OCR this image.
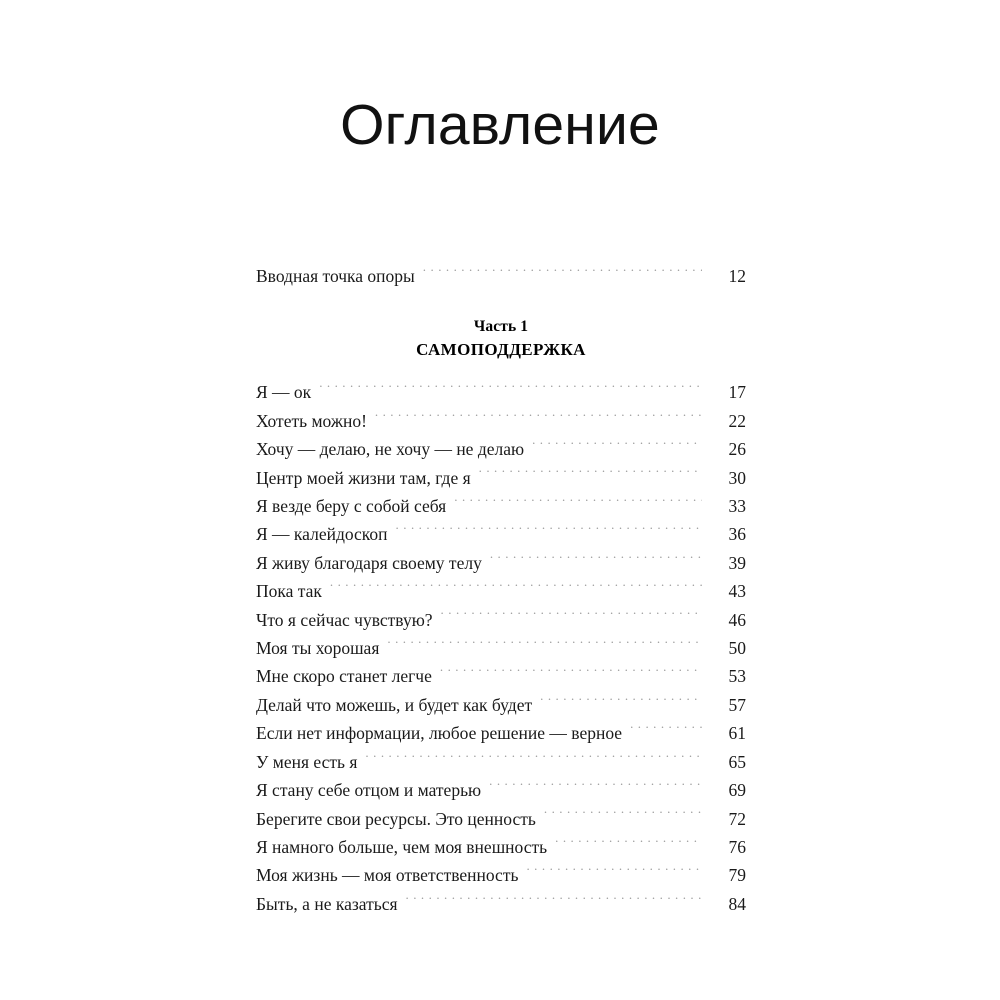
Оглавление
Вводная точка опоры . . .	12
Часть 1
САМОПОДДЕРЖКА
Я — ок . . .	17
Хотеть можно! . . .	22
Хочу — делаю, не хочу — не делаю . . .	26
Центр моей жизни там, где я . . .	30
Я везде беру с собой себя . . .	33
Я — калейдоскоп . . .	36
Я живу благодаря своему телу . . .	39
Пока так . . .	43
Что я сейчас чувствую? . . .	46
Моя ты хорошая . . .	50
Мне скоро станет легче . . .	53
Делай что можешь, и будет как будет . . .	57
Если нет информации, любое решение — верное . . .	61
У меня есть я . . .	65
Я стану себе отцом и матерью . . .	69
Берегите свои ресурсы. Это ценность . . .	72
Я намного больше, чем моя внешность . . .	76
Моя жизнь — моя ответственность . . .	79
Быть, а не казаться . . .	84
